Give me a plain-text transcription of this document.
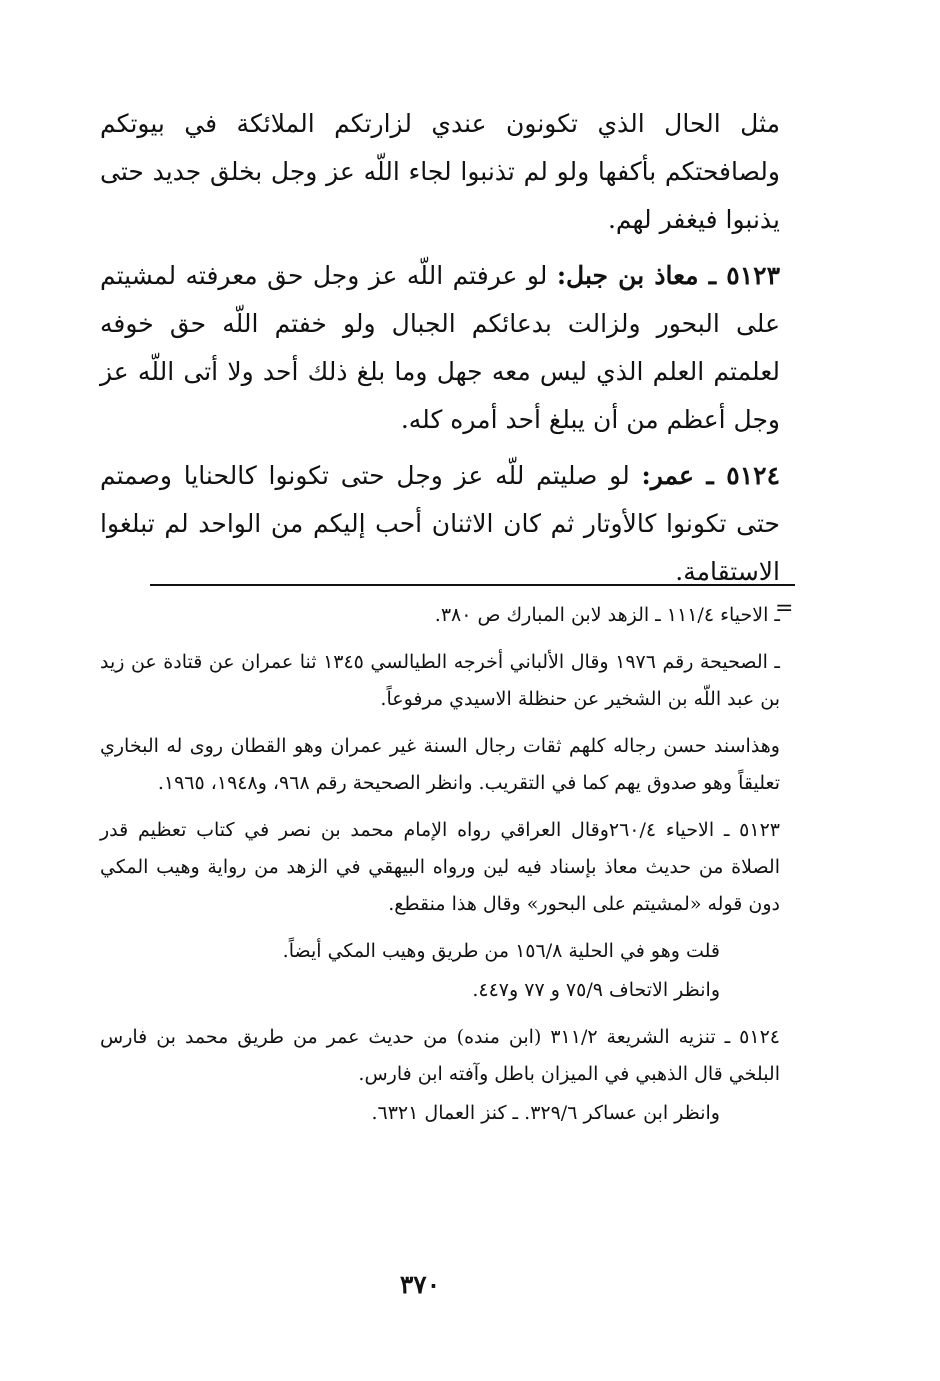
مثل الحال الذي تكونون عندي لزارتكم الملائكة في بيوتكم ولصافحتكم بأكفها ولو لم تذنبوا لجاء اللّه عز وجل بخلق جديد حتى يذنبوا فيغفر لهم.

٥١٢٣ ـ معاذ بن جبل: لو عرفتم اللّه عز وجل حق معرفته لمشيتم على البحور ولزالت بدعائكم الجبال ولو خفتم اللّه حق خوفه لعلمتم العلم الذي ليس معه جهل وما بلغ ذلك أحد ولا أتى اللّه عز وجل أعظم من أن يبلغ أحد أمره كله.

٥١٢٤ ـ عمر: لو صليتم للّه عز وجل حتى تكونوا كالحنايا وصمتم حتى تكونوا كالأوتار ثم كان الاثنان أحب إليكم من الواحد لم تبلغوا الاستقامة.

=

ـ الاحياء ١١١/٤ ـ الزهد لابن المبارك ص ٣٨٠.

ـ الصحيحة رقم ١٩٧٦ وقال الألباني أخرجه الطيالسي ١٣٤٥ ثنا عمران عن قتادة عن زيد بن عبد اللّه بن الشخير عن حنظلة الاسيدي مرفوعاً.

وهذاسند حسن رجاله كلهم ثقات رجال السنة غير عمران وهو القطان روى له البخاري تعليقاً وهو صدوق يهم كما في التقريب. وانظر الصحيحة رقم ٩٦٨، و١٩٤٨، ١٩٦٥.

٥١٢٣ ـ الاحياء ٢٦٠/٤وقال العراقي رواه الإمام محمد بن نصر في كتاب تعظيم قدر الصلاة من حديث معاذ بإسناد فيه لين ورواه البيهقي في الزهد من رواية وهيب المكي دون قوله «لمشيتم على البحور» وقال هذا منقطع.

قلت وهو في الحلية ١٥٦/٨ من طريق وهيب المكي أيضاً.

وانظر الاتحاف ٧٥/٩ و ٧٧ و٤٤٧.

٥١٢٤ ـ تنزيه الشريعة ٣١١/٢ (ابن منده) من حديث عمر من طريق محمد بن فارس البلخي قال الذهبي في الميزان باطل وآفته ابن فارس.

وانظر ابن عساكر ٣٢٩/٦. ـ كنز العمال ٦٣٢١.

٣٧٠
